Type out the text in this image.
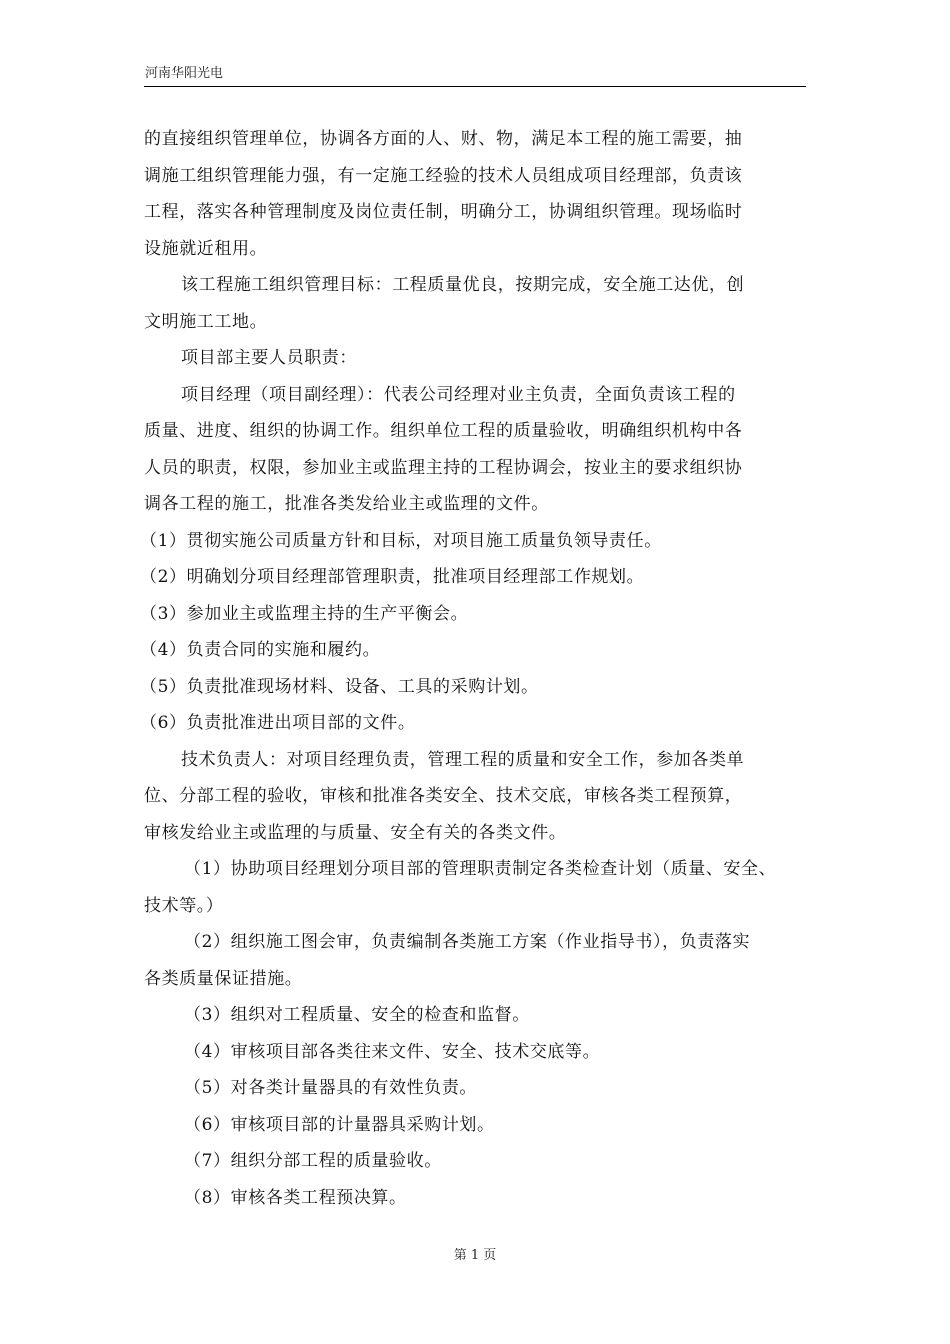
河南华阳光电
的直接组织管理单位，协调各方面的人、财、物，满足本工程的施工需要，抽
调施工组织管理能力强，有一定施工经验的技术人员组成项目经理部，负责该
工程，落实各种管理制度及岗位责任制，明确分工，协调组织管理。现场临时
设施就近租用。
该工程施工组织管理目标：工程质量优良，按期完成，安全施工达优，创
文明施工工地。
项目部主要人员职责：
项目经理（项目副经理）：代表公司经理对业主负责，全面负责该工程的
质量、进度、组织的协调工作。组织单位工程的质量验收，明确组织机构中各
人员的职责，权限，参加业主或监理主持的工程协调会，按业主的要求组织协
调各工程的施工，批准各类发给业主或监理的文件。
（1）贯彻实施公司质量方针和目标，对项目施工质量负领导责任。
（2）明确划分项目经理部管理职责，批准项目经理部工作规划。
（3）参加业主或监理主持的生产平衡会。
（4）负责合同的实施和履约。
（5）负责批准现场材料、设备、工具的采购计划。
（6）负责批准进出项目部的文件。
技术负责人：对项目经理负责，管理工程的质量和安全工作，参加各类单
位、分部工程的验收，审核和批准各类安全、技术交底，审核各类工程预算，
审核发给业主或监理的与质量、安全有关的各类文件。
（1）协助项目经理划分项目部的管理职责制定各类检查计划（质量、安全、
技术等。）
（2）组织施工图会审，负责编制各类施工方案（作业指导书），负责落实
各类质量保证措施。
（3）组织对工程质量、安全的检查和监督。
（4）审核项目部各类往来文件、安全、技术交底等。
（5）对各类计量器具的有效性负责。
（6）审核项目部的计量器具采购计划。
（7）组织分部工程的质量验收。
（8）审核各类工程预决算。
第 1 页
